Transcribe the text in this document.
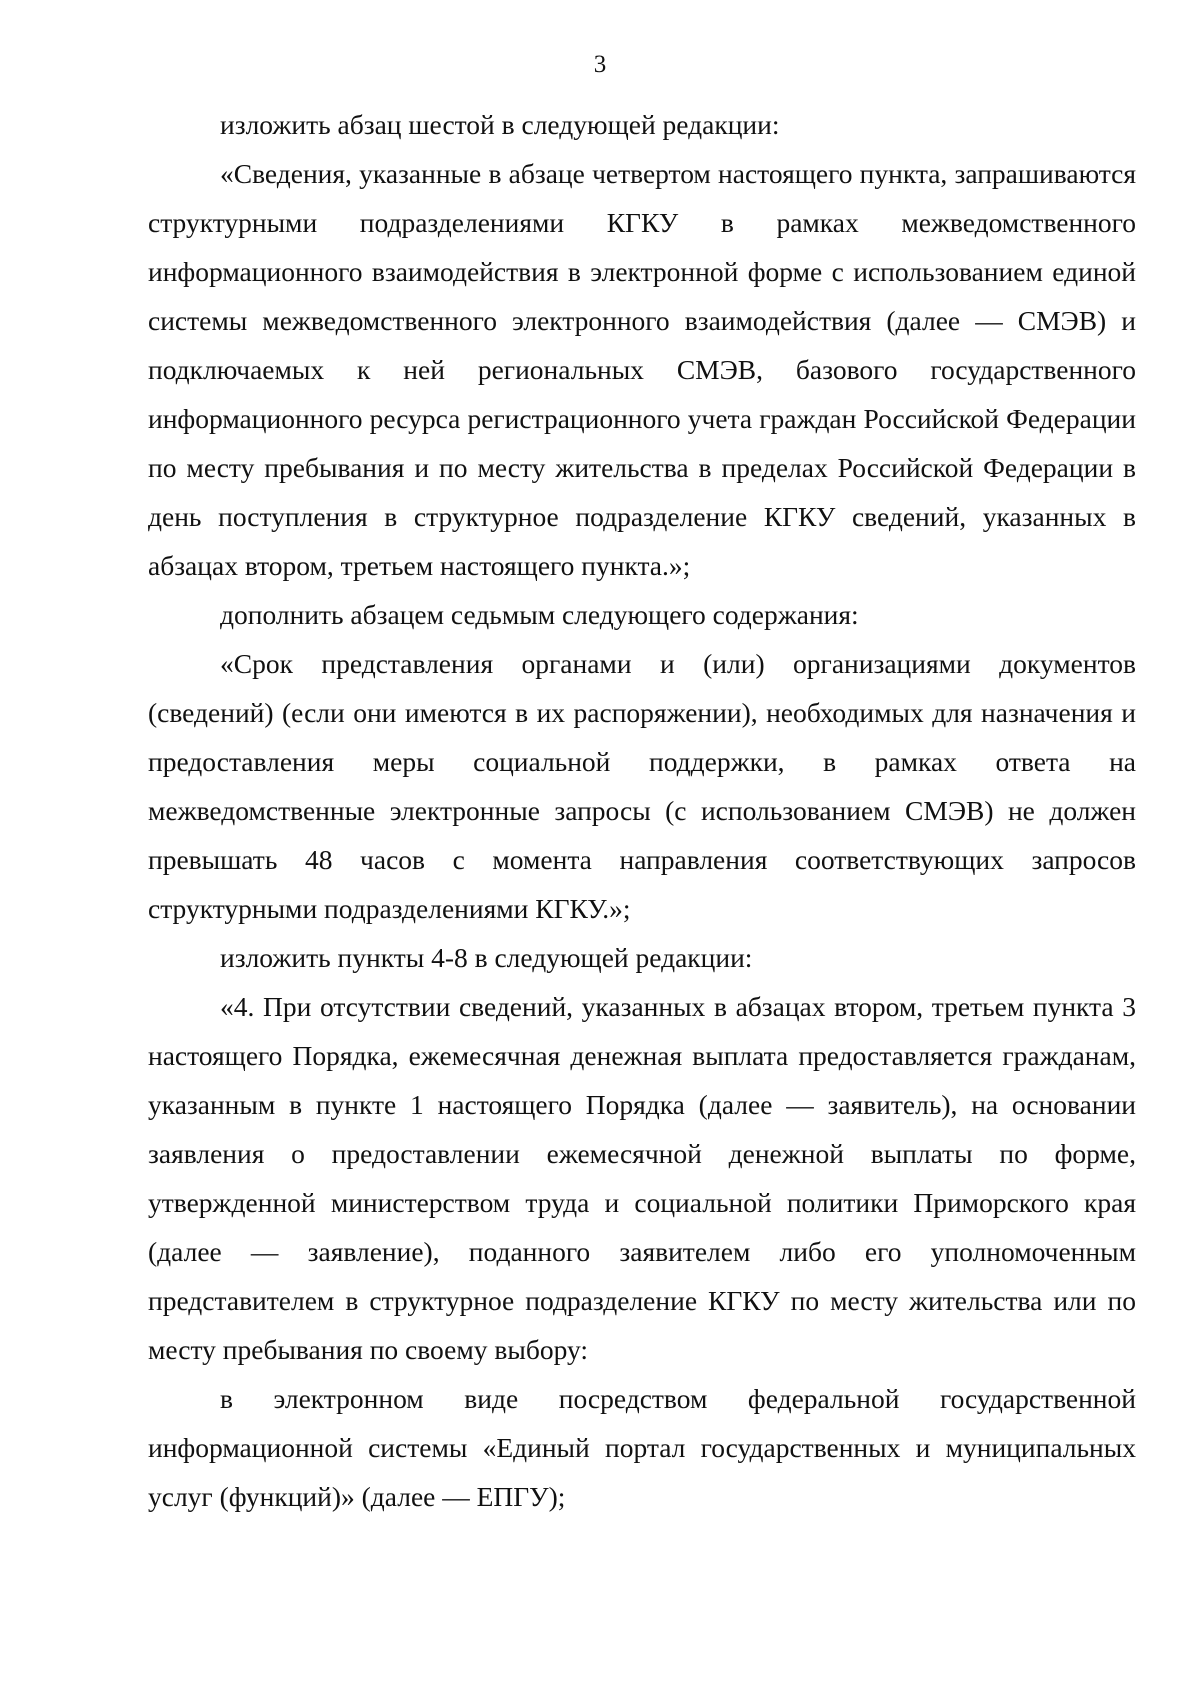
3

изложить абзац шестой в следующей редакции:

«Сведения, указанные в абзаце четвертом настоящего пункта, запрашиваются структурными подразделениями КГКУ в рамках межведомственного информационного взаимодействия в электронной форме с использованием единой системы межведомственного электронного взаимодействия (далее — СМЭВ) и подключаемых к ней региональных СМЭВ, базового государственного информационного ресурса регистрационного учета граждан Российской Федерации по месту пребывания и по месту жительства в пределах Российской Федерации в день поступления в структурное подразделение КГКУ сведений, указанных в абзацах втором, третьем настоящего пункта.»;

дополнить абзацем седьмым следующего содержания:

«Срок представления органами и (или) организациями документов (сведений) (если они имеются в их распоряжении), необходимых для назначения и предоставления меры социальной поддержки, в рамках ответа на межведомственные электронные запросы (с использованием СМЭВ) не должен превышать 48 часов с момента направления соответствующих запросов структурными подразделениями КГКУ.»;

изложить пункты 4-8 в следующей редакции:

«4. При отсутствии сведений, указанных в абзацах втором, третьем пункта 3 настоящего Порядка, ежемесячная денежная выплата предоставляется гражданам, указанным в пункте 1 настоящего Порядка (далее — заявитель), на основании заявления о предоставлении ежемесячной денежной выплаты по форме, утвержденной министерством труда и социальной политики Приморского края (далее — заявление), поданного заявителем либо его уполномоченным представителем в структурное подразделение КГКУ по месту жительства или по месту пребывания по своему выбору:

в электронном виде посредством федеральной государственной информационной системы «Единый портал государственных и муниципальных услуг (функций)» (далее — ЕПГУ);
